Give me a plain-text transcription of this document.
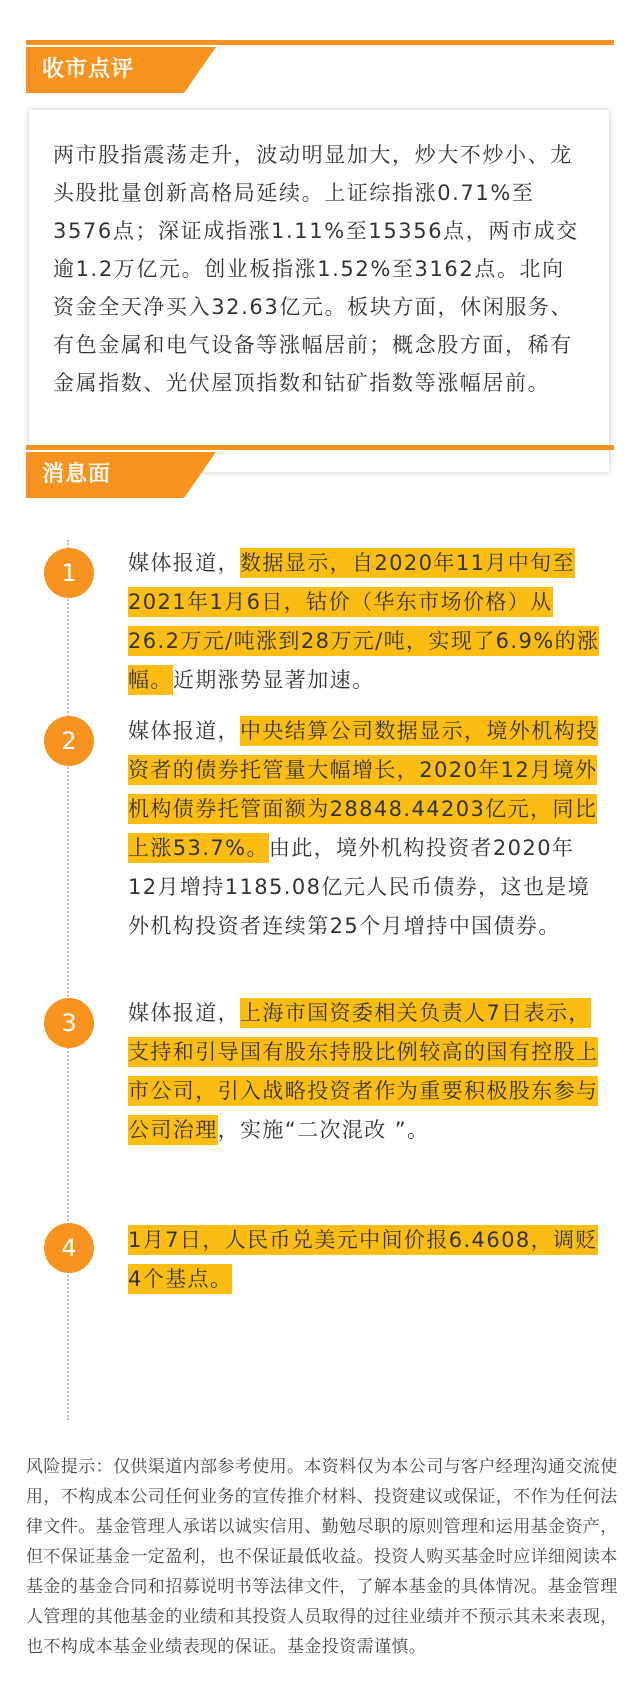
收市点评

两市股指震荡走升，波动明显加大，炒大不炒小、龙头股批量创新高格局延续。上证综指涨0.71%至3576点；深证成指涨1.11%至15356点，两市成交逾1.2万亿元。创业板指涨1.52%至3162点。北向资金全天净买入32.63亿元。板块方面，休闲服务、有色金属和电气设备等涨幅居前；概念股方面，稀有金属指数、光伏屋顶指数和钴矿指数等涨幅居前。

消息面
1	媒体报道，数据显示，自2020年11月中旬至2021年1月6日，钴价（华东市场价格）从26.2万元/吨涨到28万元/吨，实现了6.9%的涨幅。近期涨势显著加速。

2	媒体报道，中央结算公司数据显示，境外机构投资者的债券托管量大幅增长，2020年12月境外机构债券托管面额为28848.44203亿元，同比上涨53.7%。由此，境外机构投资者2020年12月增持1185.08亿元人民币债券，这也是境外机构投资者连续第25个月增持中国债券。

3	媒体报道，上海市国资委相关负责人7日表示，支持和引导国有股东持股比例较高的国有控股上市公司，引入战略投资者作为重要积极股东参与公司治理，实施“二次混改 ”。

4	1月7日，人民币兑美元中间价报6.4608，调贬4个基点。

风险提示：仅供渠道内部参考使用。本资料仅为本公司与客户经理沟通交流使用，不构成本公司任何业务的宣传推介材料、投资建议或保证，不作为任何法律文件。基金管理人承诺以诚实信用、勤勉尽职的原则管理和运用基金资产，但不保证基金一定盈利，也不保证最低收益。投资人购买基金时应详细阅读本基金的基金合同和招募说明书等法律文件，了解本基金的具体情况。基金管理人管理的其他基金的业绩和其投资人员取得的过往业绩并不预示其未来表现，也不构成本基金业绩表现的保证。基金投资需谨慎。
